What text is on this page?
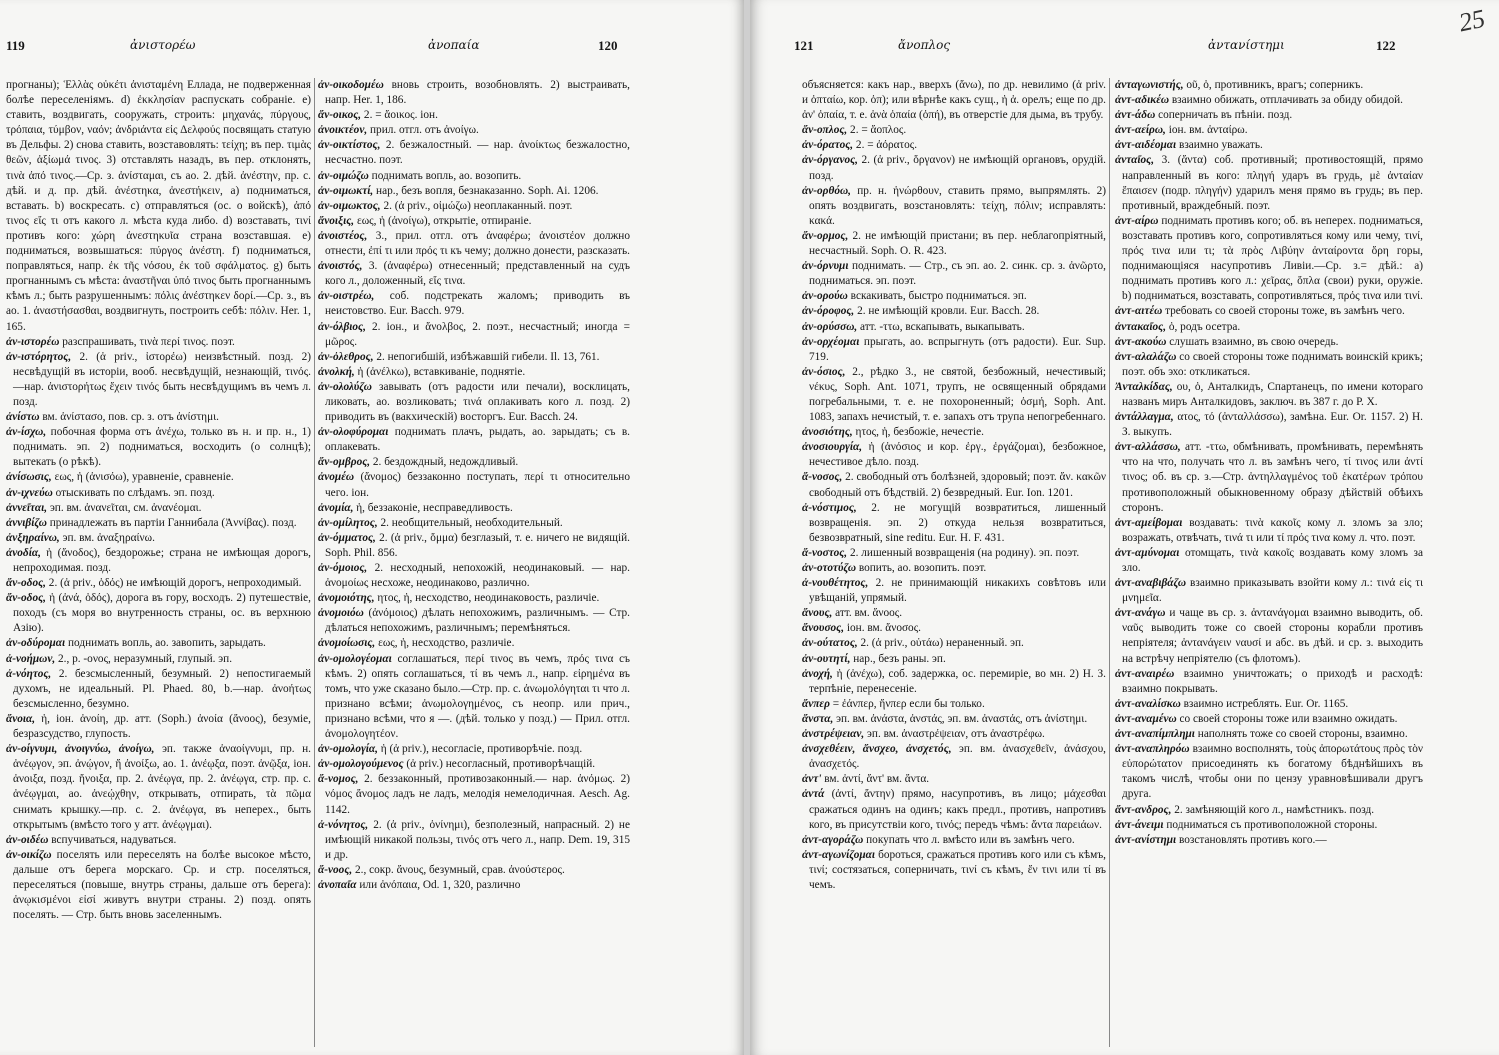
119	ἀνιστορέω	ἀνοπαία	120

прогнаны); Ἑλλὰς οὐκέτι ἀνισταμένη Еллада, не подверженная болѣе переселеніямъ. d) ἐκκλησίαν распускать собраніе. е) ставить, воздвигать, сооружать, строить: μηχανάς, πύργους, τρόπαια, τύμβον, ναόν; ἀνδριάντα εἰς Δελφούς посвящать статую въ Дельфы. 2) снова ставить, возставовлять: τείχη; въ пер. τιμὰς θεῶν, ἀξίωμά τινος. 3) отставлять назадъ, въ пер. отклонять, τινὰ ἀπό τινος.—Ср. з. ἀνίσταμαι, съ ао. 2. дѣй. ἀνέστην, пр. с. дѣй. и д. пр. дѣй. ἀνέστηκα, ἀνεστήκειν, a) подниматься, вставать. b) воскресать. с) отправляться (ос. о войскѣ), ἀπό τινος εἴς τι отъ какого л. мѣста куда либо. d) возставать, τινί противъ кого: χώρη ἀνεστηκυῖα страна возставшая. е) подниматься, возвышаться: πύργος ἀνέστη. f) подниматься, поправляться, напр. ἐκ τῆς νόσου, ἐκ τοῦ σφάλματος. g) быть прогнаннымъ съ мѣста: ἀναστῆναι ὑπό τινος быть прогнаннымъ кѣмъ л.; быть разрушеннымъ: πόλις ἀνέστηκεν δορί.—Ср. з., въ ао. 1. ἀναστήσασθαι, воздвигнуть, построить себѣ: πόλιν. Her. 1, 165.

ἀν-ιστορέω разспрашивать, τινὰ περί τινος. поэт.

ἀν-ιστόρητος, 2. (ἀ priv., ἱστορέω) неизвѣстный. позд. 2) несвѣдущій въ исторіи, вооб. несвѣдущій, незнающій, τινός.—нар. ἀνιστορήτως ἔχειν τινός быть несвѣдущимъ въ чемъ л. позд.

ἀνίστω вм. ἀνίστασο, пов. ср. з. отъ ἀνίστημι.

ἀν-ίσχω, побочная форма отъ ἀνέχω, только въ н. и пр. н., 1) поднимать. эп. 2) подниматься, восходить (о солнцѣ); вытекать (о рѣкѣ).

ἀνίσωσις, εως, ἡ (ἀνισόω), уравненіе, сравненіе.

ἀν-ιχνεύω отыскивать по слѣдамъ. эп. позд.

ἀννεῖται, эп. вм. ἀνανεῖται, см. ἀνανέομαι.

ἀννιβίζω принадлежать въ партіи Ганнибала (Ἀννίβας). позд.

ἀνξηραίνω, эп. вм. ἀναξηραίνω.

ἀνοδία, ἡ (ἄνοδος), бездорожье; страна не имѣющая дорогъ, непроходимая. позд.

ἄν-οδος, 2. (ἀ priv., ὁδός) не имѣющій дорогъ, непроходимый.

ἄν-οδος, ἡ (ἀνά, ὁδός), дорога въ гору, восходъ. 2) путешествіе, походъ (съ моря во внутренность страны, ос. въ верхнюю Азію).

ἀν-οδύρομαι поднимать вопль, ао. завопить, зарыдать.

ἀ-νοήμων, 2., р. -ονος, неразумный, глупый. эп.

ἀ-νόητος, 2. безсмысленный, безумный. 2) непостигаемый духомъ, не идеальный. Pl. Phaed. 80, b.—нар. ἀνοήτως безсмысленно, безумно.

ἄνοια, ἡ, іон. ἀνοίη, др. атт. (Soph.) ἀνοία (ἄνοος), безуміе, безразсудство, глупость.

ἀν-οίγνυμι, ἀνοιγνύω, ἀνοίγω, эп. также ἀναοίγνυμι, пр. н. ἀνέῳγον, эп. ἀνῴγον, ἤ ἀνοίξω, ао. 1. ἀνέῳξα, поэт. ἀνῷξα, іон. ἀνοιξα, позд. ἤνοιξα, пр. 2. ἀνέῳγα, пр. 2. ἀνέῳγα, стр. пр. с. ἀνέῳγμαι, ао. ἀνεῴχθην, открывать, отпирать, τὰ πῶμα снимать крышку.—пр. с. 2. ἀνέῳγα, въ неперех., быть открытымъ (вмѣсто того у атт. ἀνέῳγμαι).

ἀν-οιδέω вспучиваться, надуваться.

ἀν-οικίζω поселять или переселять на болѣе высокое мѣсто, дальше отъ берега морскаго. Ср. и стр. поселяться, переселяться (повыше, внутрь страны, дальше отъ берега): ἀνῳκισμένοι εἰσί живутъ внутри страны. 2) позд. опять поселять. — Стр. быть вновь заселеннымъ.

ἀν-οικοδομέω вновь строить, возобновлять. 2) выстраивать, напр. Her. 1, 186.

ἄν-οικος, 2. = ἄοικος. іон.

ἀνοικτέον, прил. отгл. отъ ἀνοίγω.

ἀν-οικτίστος, 2. безжалостный. — нар. ἀνοίκτως безжалостно, несчастно. поэт.

ἀν-οιμώζω поднимать вопль, ао. возопить.

ἀν-οιμωκτί, нар., безъ вопля, безнаказанно. Soph. Ai. 1206.

ἀν-οιμωκτος, 2. (ἀ priv., οἰμώζω) неоплаканный. поэт.

ἄνοιξις, εως, ἡ (ἀνοίγω), открытіе, отпираніе.

ἀνοιστέος, 3., прил. отгл. отъ ἀναφέρω; ἀνοιστέον должно отнести, ἐπί τι или πρός τι къ чему; должно донести, разсказать.

ἀνοιστός, 3. (ἀναφέρω) отнесенный; представленный на судъ кого л., доложенный, εἴς τινα.

ἀν-οιστρέω, соб. подстрекать жаломъ; приводить въ неистовство. Eur. Bacch. 979.

ἀν-όλβιος, 2. іон., и ἄνολβος, 2. поэт., несчастный; иногда = μῶρος.

ἀν-ὀλεθρος, 2. непогибшій, избѣжавшій гибели. Il. 13, 761.

ἀνολκή, ἡ (ἀνέλκω), вставкиваніе, поднятіе.

ἀν-ολολύζω завывать (отъ радости или печали), восклицать, ликовать, ао. возликовать; τινά оплакивать кого л. позд. 2) приводить въ (вакхическій) восторгъ. Eur. Bacch. 24.

ἀν-ολοφύρομαι поднимать плачъ, рыдать, ао. зарыдать; съ в. оплакевать.

ἄν-ομβρος, 2. бездождный, недождливый.

ἀνομέω (ἄνομος) беззаконно поступать, περί τι относительно чего. іон.

ἀνομία, ἡ, беззаконіе, несправедливость.

ἀν-ομίλητος, 2. необщительный, необходительный.

ἀν-όμματος, 2. (ἀ priv., ὄμμα) безглазый, т. е. ничего не видящій. Soph. Phil. 856.

ἀν-όμοιος, 2. несходный, непохожій, неодинаковый. — нар. ἀνομοίως несхоже, неодинаково, различно.

ἀνομοιότης, ητος, ἡ, несходство, неодинаковость, различіе.

ἀνομοιόω (ἀνόμοιος) дѣлать непохожимъ, различнымъ. — Стр. дѣлаться непохожимъ, различнымъ; перемѣняться.

ἀνομοίωσις, εως, ἡ, несходство, различіе.

ἀν-ομολογέομαι соглашаться, περί τινος въ чемъ, πρός τινα съ кѣмъ. 2) опять соглашаться, τί въ чемъ л., напр. εἰρημένα въ томъ, что уже сказано было.—Стр. пр. с. ἀνωμολόγηται τι что л. признано всѣми; ἀνωμολογημένος, съ неопр. или прич., признано всѣми, что я —. (дѣй. только у позд.) — Прил. отгл. ἀνομολογητέον.

ἀν-ομολογία, ἡ (ἀ priv.), несогласіе, противорѣчіе. позд.

ἀν-ομολογούμενος (ἀ priv.) несогласный, противорѣчащій.

ἄ-νομος, 2. беззаконный, противозаконный.— нар. ἀνόμως. 2) νόμος ἄνομος ладъ не ладъ, мелодія немелодичная. Aesch. Ag. 1142.

ἀ-νόνητος, 2. (ἀ priv., ὀνίνημι), безполезный, напрасный. 2) не имѣющій никакой пользы, τινός отъ чего л., напр. Dem. 19, 315 и др.

ἄ-νοος, 2., сокр. ἄνους, безумный, срав. ἀνούστερος.

ἀνοπαῖα или ἀνόπαια, Od. 1, 320, различно

25
121	ἄνοπλος	ἀντανίστημι	122

объясняется: какъ нар., вверхъ (ἄνω), по др. невилимо (ἀ priv. и ὀπταίω, кор. ὀπ); или вѣрнѣе какъ сущ., ἡ ἁ. орелъ; еще по др. ἀν' ὀπαία, т. е. ἀνὰ ὀπαία (ὀπή), въ отверстіе для дыма, въ трубу.

ἄν-οπλος, 2. = ἄοπλος.

ἀν-όρατος, 2. = ἀόρατος.

ἀν-όργανος, 2. (ἀ priv., ὄργανον) не имѣющій органовъ, орудій. позд.

ἀν-ορθόω, пр. н. ἠνώρθουν, ставить прямо, выпрямлять. 2) опять воздвигать, возстановлять: τείχη, πόλιν; исправлять: κακά.

ἄν-ορμος, 2. не имѣющій пристани; въ пер. неблагопріятный, несчастный. Soph. O. R. 423.

ἀν-όρνυμι поднимать. — Стр., съ эп. ао. 2. синк. ср. з. ἀνῶρτο, подниматься. эп. поэт.

ἀν-ορούω вскакивать, быстро подниматься. эп.

ἀν-όροφος, 2. не имѣющій кровли. Eur. Bacch. 28.

ἀν-ορύσσω, атт. -ττω, вскапывать, выкапывать.

ἀν-ορχέομαι прыгать, ао. вспрыгнуть (отъ радости). Eur. Sup. 719.

ἀν-όσιος, 2., рѣдко 3., не святой, безбожный, нечестивый; νέκυς, Soph. Ant. 1071, трупъ, не освященный обрядами погребальными, т. е. не похороненный; ὀσμή, Soph. Ant. 1083, запахъ нечистый, т. е. запахъ отъ трупа непогребеннаго.

ἀνοσιότης, ητος, ἡ, безбожіе, нечестіе.

ἀνοσιουργία, ἡ (ἀνόσιος и кор. ἐργ., ἐργάζομαι), безбожное, нечестивое дѣло. позд.

ἄ-νοσος, 2. свободный отъ болѣзней, здоровый; поэт. ἄν. κακῶν свободный отъ бѣдствій. 2) безвредный. Eur. Ion. 1201.

ἀ-νόστιμος, 2. не могущій возвратиться, лишенный возвращенія. эп. 2) откуда нельзя возвратиться, безвозвратный, sine reditu. Eur. H. F. 431.

ἄ-νοστος, 2. лишенный возвращенія (на родину). эп. поэт.

ἀν-οτοτύζω вопить, ао. возопить. поэт.

ἀ-νουθέτητος, 2. не принимающій никакихъ совѣтовъ или увѣщаній, упрямый.

ἄνους, атт. вм. ἄνοος.

ἄνουσος, іон. вм. ἄνοσος.

ἀν-ούτατος, 2. (ἀ priv., οὐτάω) нераненный. эп.

ἀν-ουτητί, нар., безъ раны. эп.

ἀνοχή, ἡ (ἀνέχω), соб. задержка, ос. перемиріе, во мн. 2) Н. З. терпѣніе, перенесеніе.

ἄνπερ = ἐάνπερ, ἤνπερ если бы только.

ἄνστα, эп. вм. ἀνάστα, ἀνστάς, эп. вм. ἀναστάς, отъ ἀνίστημι.

ἀνστρέψειαν, эп. вм. ἀναστρέψειαν, отъ ἀναστρέφω.

ἀνσχεθέειν, ἄνσχεο, ἀνσχετός, эп. вм. ἀνασχεθεῖν, ἀνάσχου, ἀνασχετός.

ἀντ' вм. ἀντί, ἄντ' вм. ἄντα.

ἀντά (ἀντί, ἄντην) прямо, насупротивъ, въ лицо; μάχεσθαι сражаться одинъ на одинъ; какъ предл., противъ, напротивъ кого, въ присутствіи кого, τινός; передъ чѣмъ: ἄντα παρειάων.

ἀντ-αγοράζω покупать что л. вмѣсто или въ замѣнъ чего.

ἀντ-αγωνίζομαι бороться, сражаться противъ кого или съ кѣмъ, τινί; состязаться, соперничать, τινί съ кѣмъ, ἔν τινι или τί въ чемъ.

ἀνταγωνιστής, οῦ, ὁ, противникъ, врагъ; соперникъ.

ἀντ-αδικέω взаимно обижать, отплачивать за обиду обидой.

ἀντ-άδω соперничать въ пѣніи. позд.

ἀντ-αείρω, іон. вм. ἀνταίρω.

ἀντ-αιδέομαι взаимно уважать.

ἀνταῖος, 3. (ἄντα) соб. противный; противостоящій, прямо направленный въ кого: πληγή ударъ въ грудь, μὲ ἀνταίαν ἔπαισεν (подр. πληγήν) ударилъ меня прямо въ грудь; въ пер. противный, враждебный. поэт.

ἀντ-αίρω поднимать противъ кого; об. въ неперех. подниматься, возставать противъ кого, сопротивляться кому или чему, τινί, πρός τινα или τι; τὰ πρὸς Λιβύην ἀνταίροντα ὄρη горы, поднимающіяся насупротивъ Ливіи.—Ср. з.= дѣй.: а) поднимать противъ кого л.: χεῖρας, ὅπλα (свои) руки, оружіе. b) подниматься, возставать, сопротивляться, πρός τινα или τινί.

ἀντ-αιτέω требовать со своей стороны тоже, въ замѣнъ чего.

ἀντακαῖος, ὁ, родъ осетра.

ἀντ-ακούω слушать взаимно, въ свою очередь.

ἀντ-αλαλάζω со своей стороны тоже поднимать воинскій крикъ; поэт. объ эхо: откликаться.

Ἀνταλκίδας, ου, ὁ, Анталкидъ, Спартанецъ, по имени котораго названъ миръ Анталкидовъ, заключ. въ 387 г. до Р. Х.

ἀντάλλαγμα, ατος, τό (ἀνταλλάσσω), замѣна. Eur. Or. 1157. 2) Н. З. выкупъ.

ἀντ-αλλάσσω, атт. -ττω, обмѣнивать, промѣнивать, перемѣнять что на что, получать что л. въ замѣнъ чего, τί τινος или ἀντί τινος; об. въ ср. з.—Стр. ἀντηλλαγμένος τοῦ ἑκατέρων τρόπου противоположный обыкновенному образу дѣйствій обѣихъ сторонъ.

ἀντ-αμείβομαι воздавать: τινὰ κακοῖς кому л. зломъ за зло; возражать, отвѣчать, τινά τι или τί πρός τινα кому л. что. поэт.

ἀντ-αμύνομαι отомщать, τινὰ κακοῖς воздавать кому зломъ за зло.

ἀντ-αναβιβάζω взаимно приказывать взойти кому л.: τινά εἰς τι μνημεῖα.

ἀντ-ανάγω и чаще въ ср. з. ἀντανάγομαι взаимно выводить, об. ναῦς выводить тоже со своей стороны корабли противъ непріятеля; ἀντανάγειν ναυσί и абс. въ дѣй. и ср. з. выходить на встрѣчу непріятелю (съ флотомъ).

ἀντ-αναιρέω взаимно уничтожать; о приходѣ и расходѣ: взаимно покрывать.

ἀντ-αναλίσκω взаимно истреблять. Eur. Or. 1165.

ἀντ-αναμένω со своей стороны тоже или взаимно ожидать.

ἀντ-αναπίμπλημι наполнять тоже со своей стороны, взаимно.

ἀντ-αναπληρόω взаимно восполнять, τοὺς ἀπορωτάτους πρὸς τὸν εὐπορώτατον присоединять къ богатому бѣднѣйшихъ въ такомъ числѣ, чтобы они по цензу уравновѣшивали другъ друга.

ἄντ-ανδρος, 2. замѣняющій кого л., намѣстникъ. позд.

ἀντ-άνειμι подниматься съ противоположной стороны.

ἀντ-ανίστημι возстановлять противъ кого.—
